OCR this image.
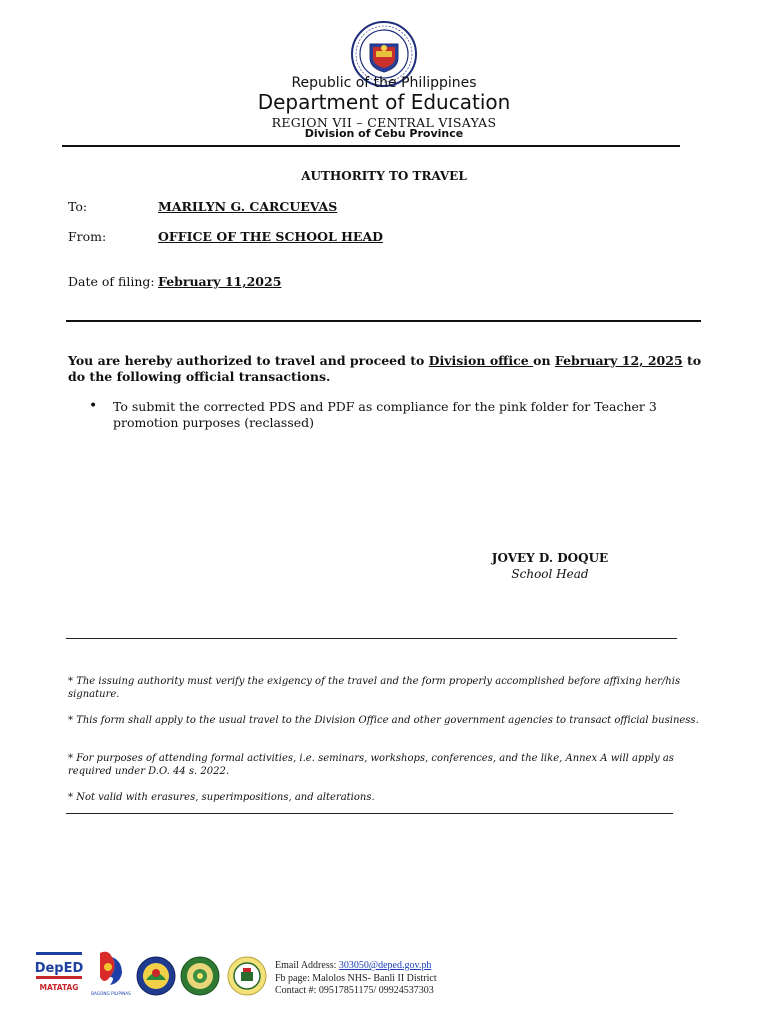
Republic of the Philippines
Department of Education
REGION VII – CENTRAL VISAYAS
Division of Cebu Province
AUTHORITY TO TRAVEL
To:	MARILYN G. CARCUEVAS
From:	OFFICE OF THE SCHOOL HEAD
Date of filing: February 11,2025
You are hereby authorized to travel and proceed to Division office on February 12, 2025 to do the following official transactions.
• To submit the corrected PDS and PDF as compliance for the pink folder for Teacher 3 promotion purposes (reclassed)
JOVEY D. DOQUE
School Head
* The issuing authority must verify the exigency of the travel and the form properly accomplished before affixing her/his signature.
* This form shall apply to the usual travel to the Division Office and other government agencies to transact official business.
* For purposes of attending formal activities, i.e. seminars, workshops, conferences, and the like, Annex A will apply as required under D.O. 44 s. 2022.
* Not valid with erasures, superimpositions, and alterations.
DepED
MATATAG
BAGONG PILIPINAS
Email Address: 303050@deped.gov.ph
Fb page: Malolos NHS- Banli II District
Contact #: 09517851175/ 09924537303
